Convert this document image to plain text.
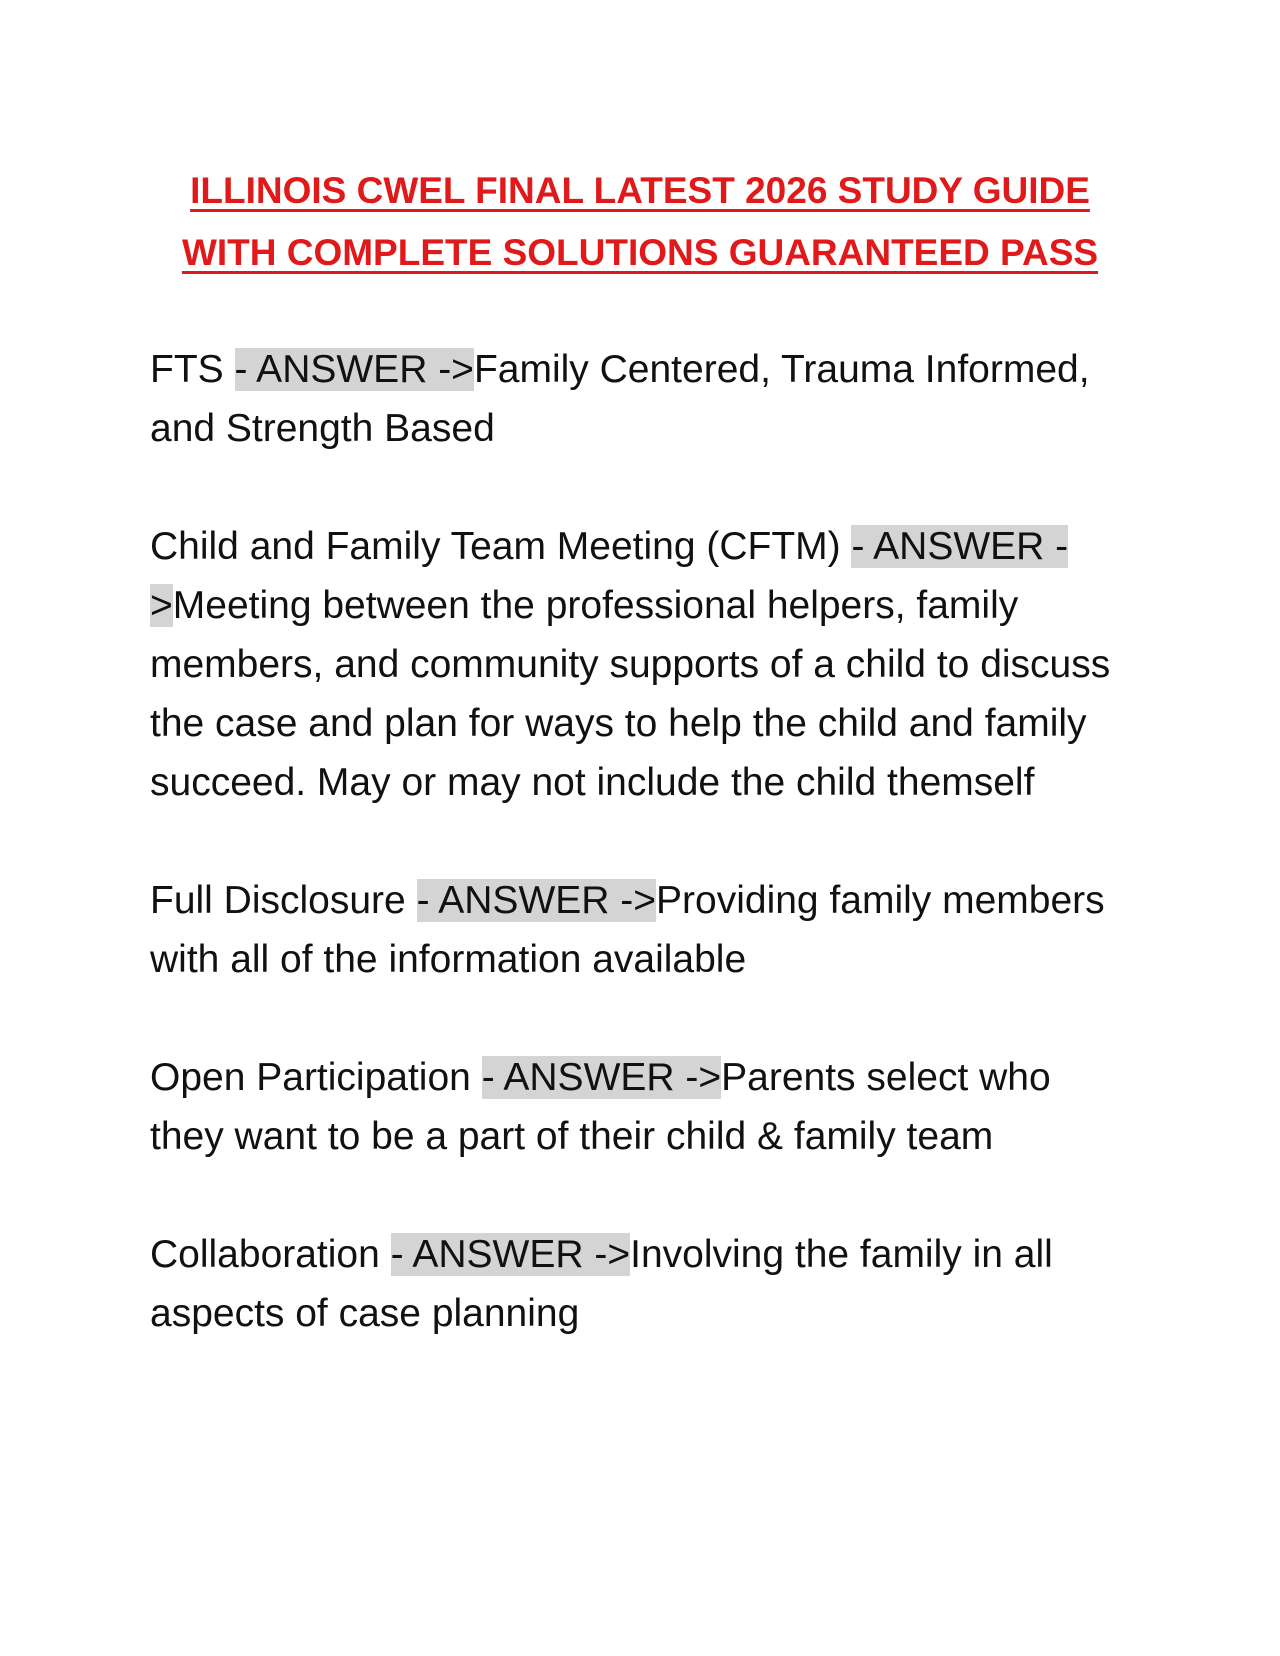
ILLINOIS CWEL FINAL LATEST 2026 STUDY GUIDE
WITH COMPLETE SOLUTIONS GUARANTEED PASS

FTS - ANSWER ->Family Centered, Trauma Informed, and Strength Based

Child and Family Team Meeting (CFTM) - ANSWER ->Meeting between the professional helpers, family members, and community supports of a child to discuss the case and plan for ways to help the child and family succeed. May or may not include the child themself

Full Disclosure - ANSWER ->Providing family members with all of the information available

Open Participation - ANSWER ->Parents select who they want to be a part of their child & family team

Collaboration - ANSWER ->Involving the family in all aspects of case planning
